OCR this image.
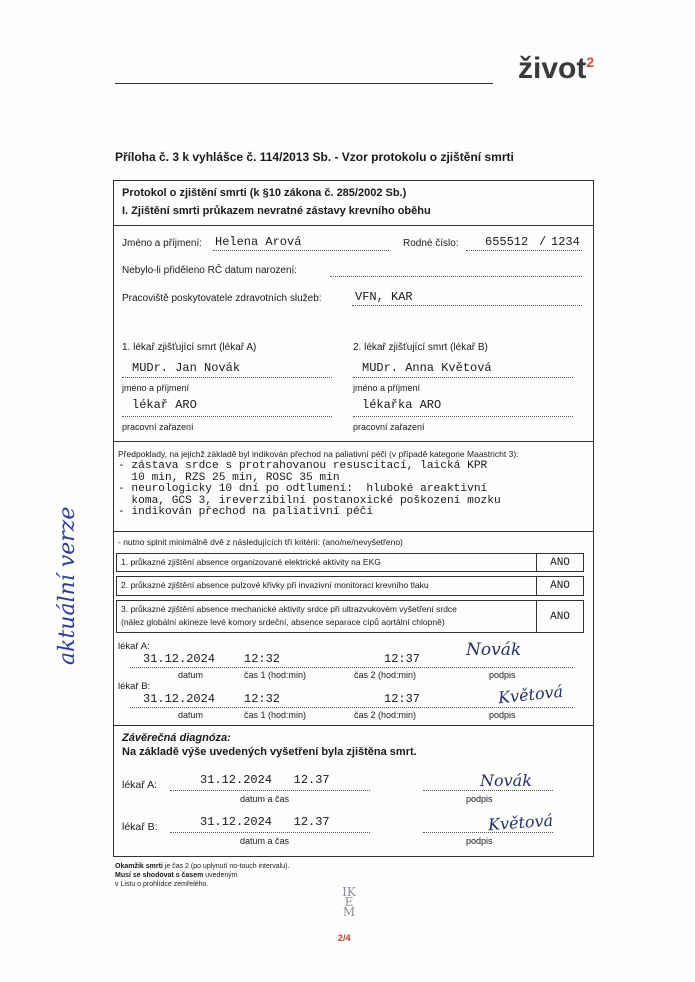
život$^2$
Příloha č. 3 k vyhlášce č. 114/2013 Sb. - Vzor protokolu o zjištění smrti
Protokol o zjištění smrti (k §10 zákona č. 285/2002 Sb.)
I. Zjištění smrti průkazem nevratné zástavy krevního oběhu
Jméno a příjmení: Helena Arová	Rodné číslo: 655512 / 1234
Nebylo-li přiděleno RČ datum narození:
Pracoviště poskytovatele zdravotních služeb:	VFN, KAR
1. lékař zjišťující smrt (lékař A)
MUDr. Jan Novák
jméno a příjmení
lékař ARO
pracovní zařazení
2. lékař zjišťující smrt (lékař B)
MUDr. Anna Květová
jméno a příjmení
lékařka ARO
pracovní zařazení
Předpoklady, na jejichž základě byl indikován přechod na paliativní péči (v případě kategorie Maastricht 3):
- zástava srdce s protrahovanou resuscitací, laická KPR
10 min, RZS 25 min, ROSC 35 min
- neurologicky 10 dní po odtlumení:  hluboké areaktivní
koma, GCS 3, ireverzibilní postanoxické poškození mozku
- indikován přechod na paliativní péči
- nutno splnit minimálně dvě z následujících tří kritérií: (ano/ne/nevyšetřeno)
1. průkazné zjištění absence organizované elektrické aktivity na EKG	ANO
2. průkazné zjištění absence pulzové křivky při invazivní monitoraci krevního tlaku	ANO
3. průkazné zjištění absence mechanické aktivity srdce při ultrazvukovém vyšetření srdce
(nález globální akineze levé komory srdeční, absence separace cípů aortální chlopně)	ANO
lékař A:
31.12.2024 12:32	12:37	Novák
datum	čas 1 (hod:min)	čas 2 (hod:min)	podpis
lékař B:
31.12.2024 12:32	12:37	Květová
datum	čas 1 (hod:min)	čas 2 (hod:min)	podpis
Závěrečná diagnóza:
Na základě výše uvedených vyšetření byla zjištěna smrt.
lékař A:	31.12.2024   12.37
datum a čas
Novák
podpis
lékař B:	31.12.2024   12.37
datum a čas
Květová
podpis
Okamžik smrti je čas 2 (po uplynutí no-touch intervalu).
Musí se shodovat s časem uvedeným
v Listu o prohlídce zemřelého.
aktuální verze
IK
E
M
2/4
